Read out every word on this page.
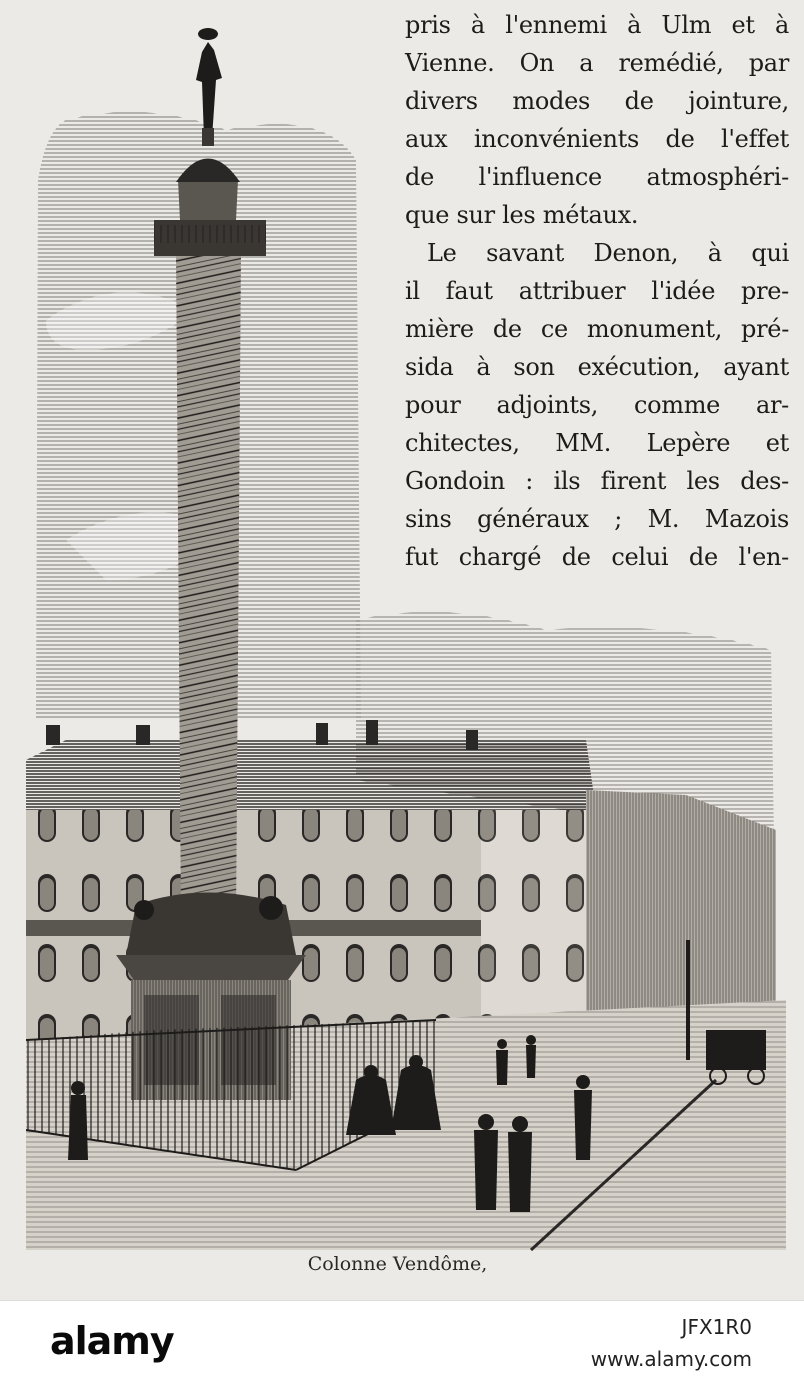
pris à l'ennemi à Ulm et à
Vienne. On a remédié, par
divers modes de jointure,
aux inconvénients de l'effet
de l'influence atmosphéri-
que sur les métaux.
Le savant Denon, à qui
il faut attribuer l'idée pre-
mière de ce monument, pré-
sida à son exécution, ayant
pour adjoints, comme ar-
chitectes, MM. Lepère et
Gondoin : ils firent les des-
sins généraux ; M. Mazois
fut chargé de celui de l'en-
Colonne Vendôme,
alamy	JFX1R0
www.alamy.com
